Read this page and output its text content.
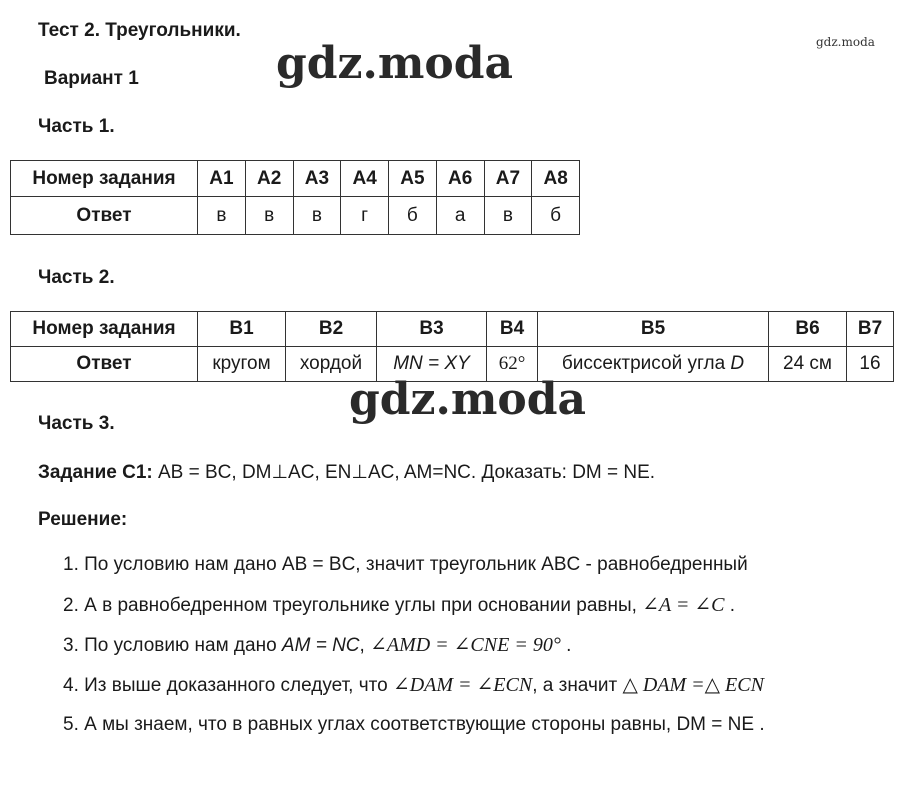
Тест 2. Треугольники.
gdz.moda
Вариант 1	gdz.moda
Часть 1.
Номер задания	A1	A2	A3	A4	A5	A6	A7	A8
Ответ	в	в	в	г	б	а	в	б
Часть 2.
Номер задания	B1	B2	B3	B4	B5	B6	B7
Ответ	кругом	хордой	MN = XY	62°	биссектрисой угла D	24 см	16
gdz.moda
Часть 3.
Задание С1: AB = BC, DM⊥AC, EN⊥AC, AM=NC. Доказать: DM = NE.
Решение:
1. По условию нам дано AB = BC, значит треугольник ABC - равнобедренный
2. А в равнобедренном треугольнике углы при основании равны, ∠A = ∠C .
3. По условию нам дано AM = NC, ∠AMD = ∠CNE = 90° .
4. Из выше доказанного следует, что ∠DAM = ∠ECN, а значит △ DAM =△ ECN
5. А мы знаем, что в равных углах соответствующие стороны равны, DM = NE .
